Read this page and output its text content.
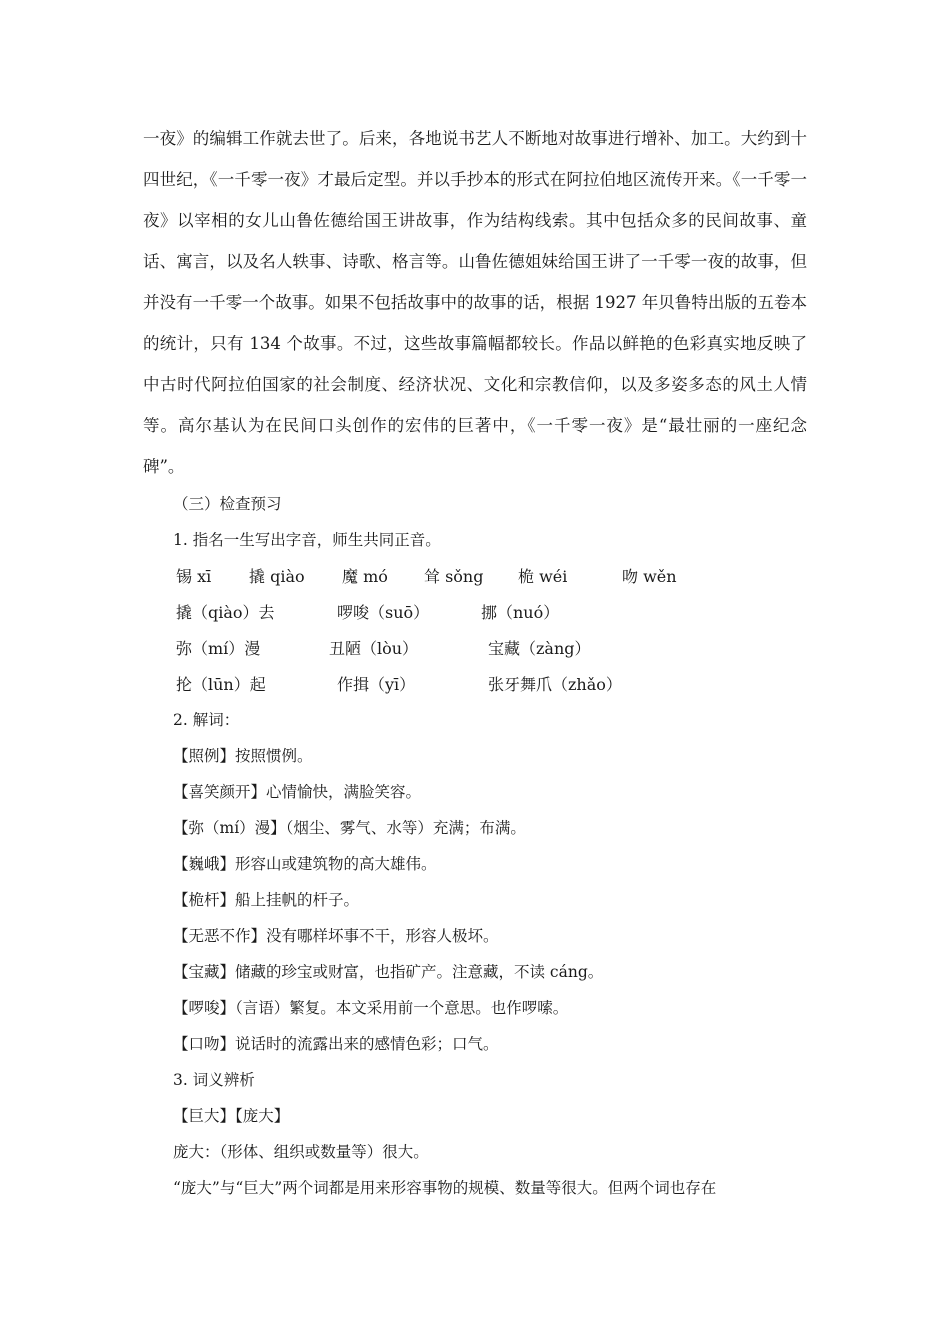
一夜》的编辑工作就去世了。后来，各地说书艺人不断地对故事进行增补、加工。大约到十四世纪，《一千零一夜》才最后定型。并以手抄本的形式在阿拉伯地区流传开来。《一千零一夜》以宰相的女儿山鲁佐德给国王讲故事，作为结构线索。其中包括众多的民间故事、童话、寓言，以及名人轶事、诗歌、格言等。山鲁佐德姐妹给国王讲了一千零一夜的故事，但并没有一千零一个故事。如果不包括故事中的故事的话，根据 1927 年贝鲁特出版的五卷本的统计，只有 134 个故事。不过，这些故事篇幅都较长。作品以鲜艳的色彩真实地反映了中古时代阿拉伯国家的社会制度、经济状况、文化和宗教信仰，以及多姿多态的风土人情等。高尔基认为在民间口头创作的宏伟的巨著中，《一千零一夜》是“最壮丽的一座纪念碑”。

（三）检查预习
1. 指名一生写出字音，师生共同正音。
锡 xī 撬 qiào 魔 mó 耸 sǒng 桅 wéi	吻 wěn
撬（qiào）去	啰唆（suō）	挪（nuó）
弥（mí）漫	丑陋（lòu）	宝藏（zàng）
抡（lūn）起	作揖（yī）	张牙舞爪（zhǎo）
2. 解词：
【照例】按照惯例。
【喜笑颜开】心情愉快，满脸笑容。
【弥（mí）漫】（烟尘、雾气、水等）充满；布满。
【巍峨】形容山或建筑物的高大雄伟。
【桅杆】船上挂帆的杆子。
【无恶不作】没有哪样坏事不干，形容人极坏。
【宝藏】储藏的珍宝或财富，也指矿产。注意藏，不读 cáng。
【啰唆】（言语）繁复。本文采用前一个意思。也作啰嗦。
【口吻】说话时的流露出来的感情色彩；口气。
3. 词义辨析
【巨大】【庞大】
庞大：（形体、组织或数量等）很大。
“庞大”与“巨大”两个词都是用来形容事物的规模、数量等很大。但两个词也存在
